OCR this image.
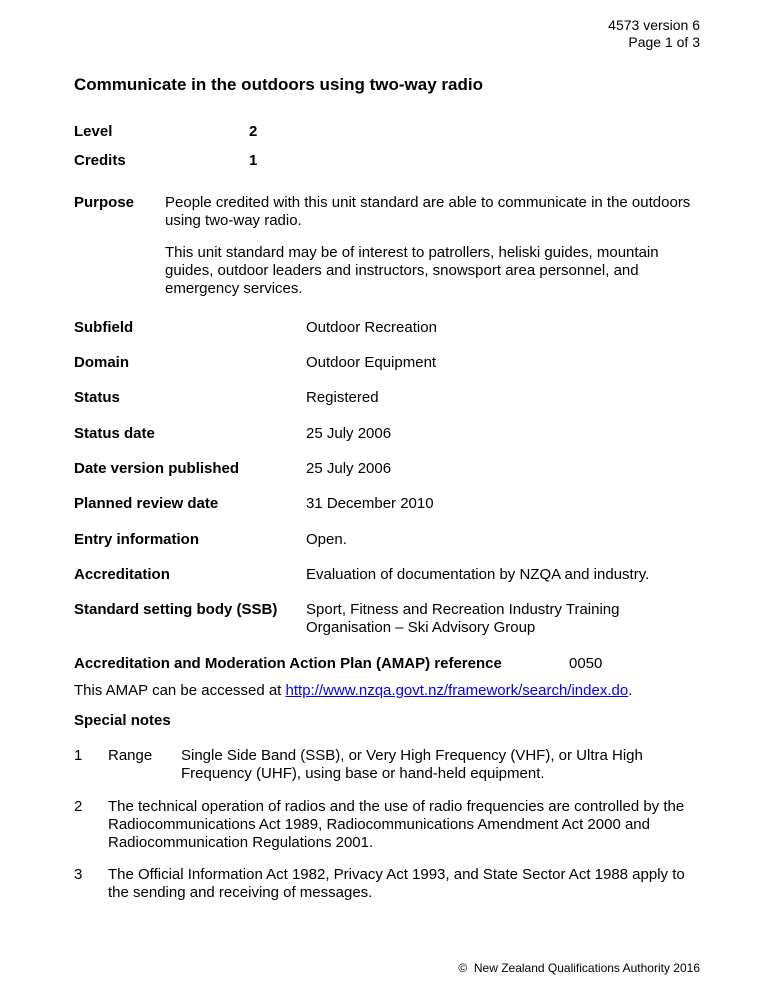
4573 version 6
Page 1 of 3
Communicate in the outdoors using two-way radio
Level	2
Credits	1
Purpose People credited with this unit standard are able to communicate in the outdoors using two-way radio.
This unit standard may be of interest to patrollers, heliski guides, mountain guides, outdoor leaders and instructors, snowsport area personnel, and emergency services.
Subfield	Outdoor Recreation
Domain	Outdoor Equipment
Status	Registered
Status date	25 July 2006
Date version published	25 July 2006
Planned review date	31 December 2010
Entry information	Open.
Accreditation	Evaluation of documentation by NZQA and industry.
Standard setting body (SSB) Sport, Fitness and Recreation Industry Training Organisation – Ski Advisory Group
Accreditation and Moderation Action Plan (AMAP) reference	0050
This AMAP can be accessed at http://www.nzqa.govt.nz/framework/search/index.do.
Special notes
1 Range Single Side Band (SSB), or Very High Frequency (VHF), or Ultra High Frequency (UHF), using base or hand-held equipment.
2 The technical operation of radios and the use of radio frequencies are controlled by the Radiocommunications Act 1989, Radiocommunications Amendment Act 2000 and Radiocommunication Regulations 2001.
3 The Official Information Act 1982, Privacy Act 1993, and State Sector Act 1988 apply to the sending and receiving of messages.
© New Zealand Qualifications Authority 2016
